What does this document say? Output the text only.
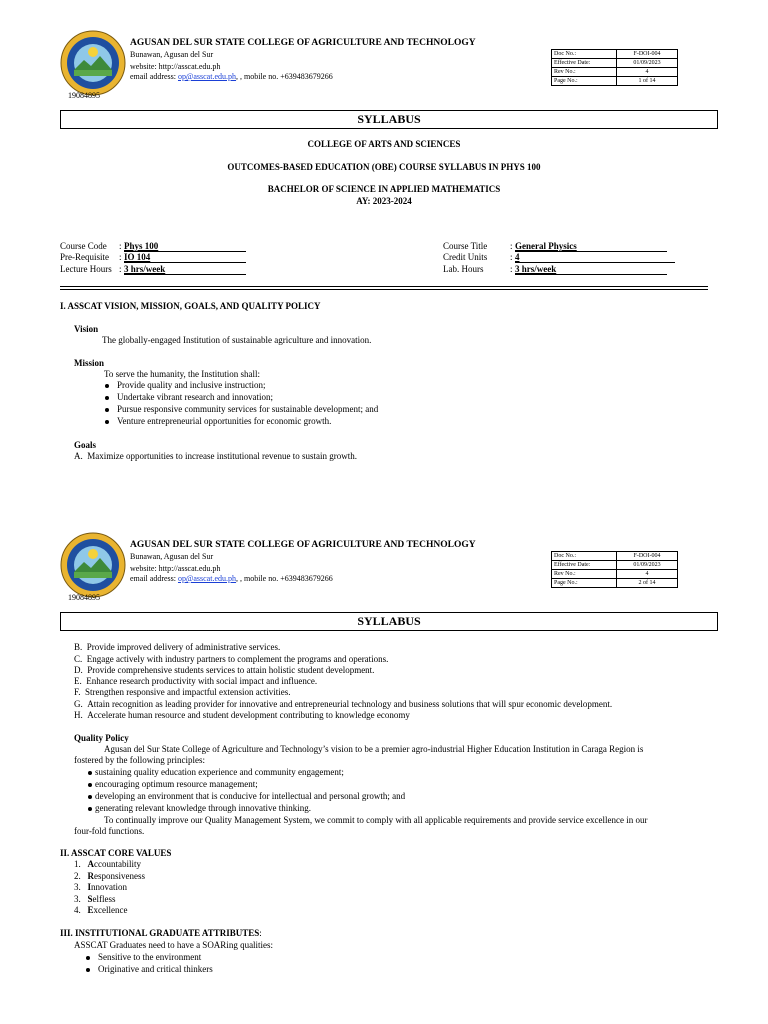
19084895
AGUSAN DEL SUR STATE COLLEGE OF AGRICULTURE AND TECHNOLOGY
Bunawan, Agusan del Sur
website: http://asscat.edu.ph
email address: op@asscat.edu.ph, , mobile no. +639483679266
Doc No.:	F-DOI-004
Effective Date:	01/09/2023
Rev No.:	4
Page No.:	1 of 14
SYLLABUS
COLLEGE OF ARTS AND SCIENCES
OUTCOMES-BASED EDUCATION (OBE) COURSE SYLLABUS IN PHYS 100
BACHELOR OF SCIENCE IN APPLIED MATHEMATICS
AY: 2023-2024
Course Code : Phys 100
Pre-Requisite : IO 104
Lecture Hours : 3 hrs/week
Course Title	: General Physics
Credit Units	: 4
Lab. Hours	: 3 hrs/week
I. ASSCAT VISION, MISSION, GOALS, AND QUALITY POLICY
Vision
The globally-engaged Institution of sustainable agriculture and innovation.
Mission
To serve the humanity, the Institution shall:
Provide quality and inclusive instruction;
Undertake vibrant research and innovation;
Pursue responsive community services for sustainable development; and
Venture entrepreneurial opportunities for economic growth.
Goals
A. Maximize opportunities to increase institutional revenue to sustain growth.
19084895
AGUSAN DEL SUR STATE COLLEGE OF AGRICULTURE AND TECHNOLOGY
Bunawan, Agusan del Sur
website: http://asscat.edu.ph
email address: op@asscat.edu.ph, , mobile no. +639483679266
Doc No.:	F-DOI-004
Effective Date:	01/09/2023
Rev No.:	4
Page No.:	2 of 14
SYLLABUS
B. Provide improved delivery of administrative services.
C. Engage actively with industry partners to complement the programs and operations.
D. Provide comprehensive students services to attain holistic student development.
E. Enhance research productivity with social impact and influence.
F. Strengthen responsive and impactful extension activities.
G. Attain recognition as leading provider for innovative and entrepreneurial technology and business solutions that will spur economic development.
H. Accelerate human resource and student development contributing to knowledge economy
Quality Policy
Agusan del Sur State College of Agriculture and Technology’s vision to be a premier agro-industrial Higher Education Institution in Caraga Region is
fostered by the following principles:
sustaining quality education experience and community engagement;
encouraging optimum resource management;
developing an environment that is conducive for intellectual and personal growth; and
generating relevant knowledge through innovative thinking.
To continually improve our Quality Management System, we commit to comply with all applicable requirements and provide service excellence in our
four-fold functions.
II. ASSCAT CORE VALUES
1. Accountability
2. Responsiveness
3. Innovation
3. Selfless
4. Excellence
III. INSTITUTIONAL GRADUATE ATTRIBUTES:
ASSCAT Graduates need to have a SOARing qualities:
Sensitive to the environment
Originative and critical thinkers
